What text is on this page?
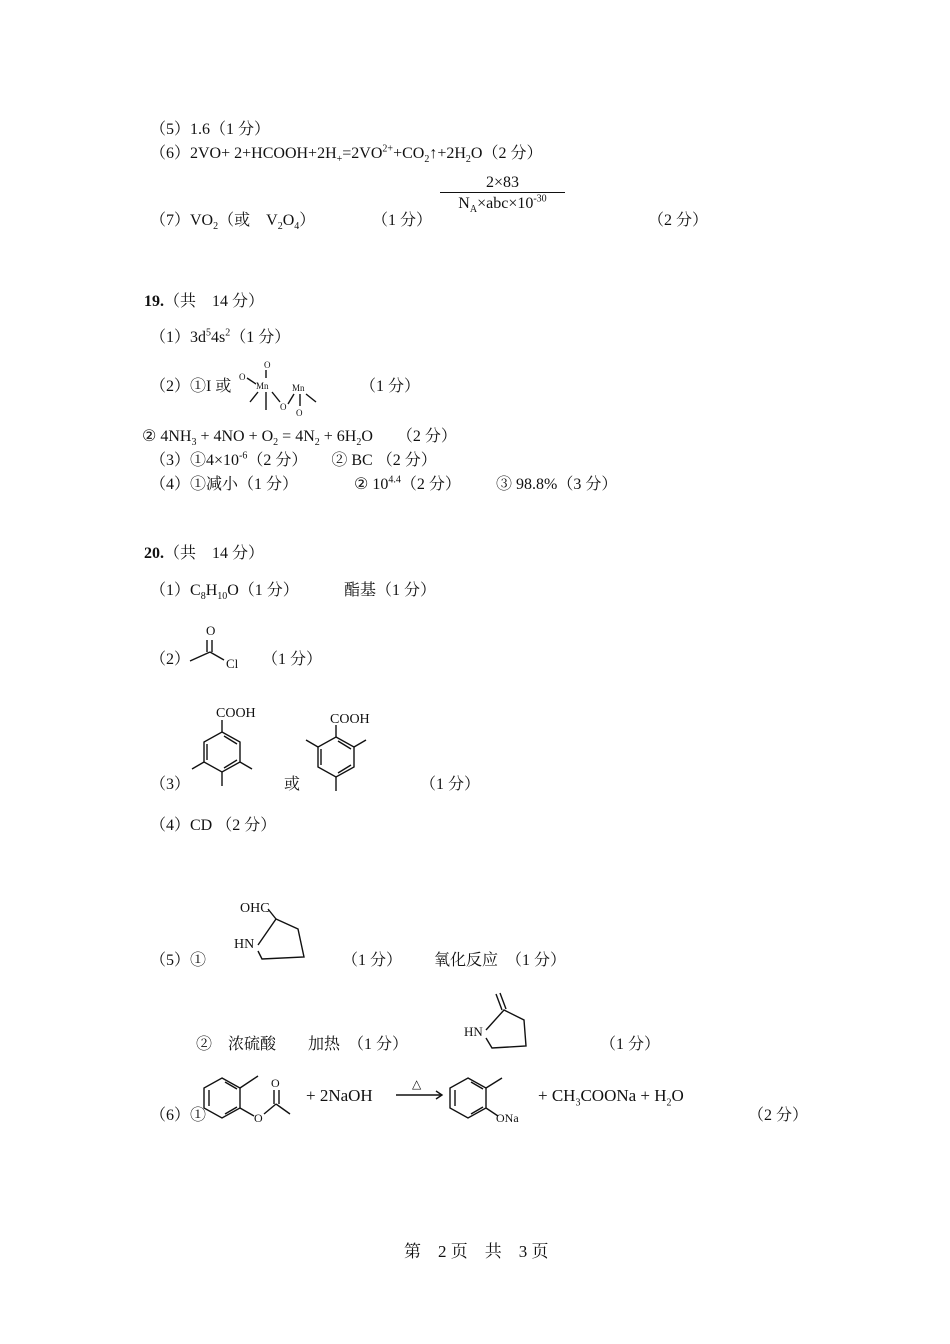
（5）1.6（1 分）
$(6)2VO+ 2+HCOOH+2H_+=2VO^{2+}+CO_2↑+2H_2O(2$ 分）
$(7)VO_2$（或　$V_2O_4$）	（1 分）
2×83
$N_A\times abc\times 10^{-30}$
（2 分）
19.（共　14 分）
$(1)3d^54s^2(1$ 分）
（2）①I 或
O
O
Mn
O
Mn
O
（1 分）
② $4NH_3 + 4NO + O_2 = 4N_2 + 6H_2O$　　（2 分）
$(3)①4\times 10^{-6}(2$ 分）　　② BC （2 分）
（4）①减小（1 分）	② $10^{4.4}(2$ 分） ③ 98.8%（3 分）
20.（共　14 分）
$(1)C_8H_{10}O(1$ 分）	酯基（1 分）
（2）
O
Cl （1 分）
（3）
COOH
或
COOH
（1 分）
（4）CD （2 分）
（5）①
OHC
HN
（1 分） 氧化反应　（1 分）
②　浓硫酸　　加热　（1 分）
HN
（1 分）
（6）①	O
O
+ 2NaOH
△
ONa
+ $CH_3COONa + H_2O$
（2 分）
第　2 页　共　3 页
